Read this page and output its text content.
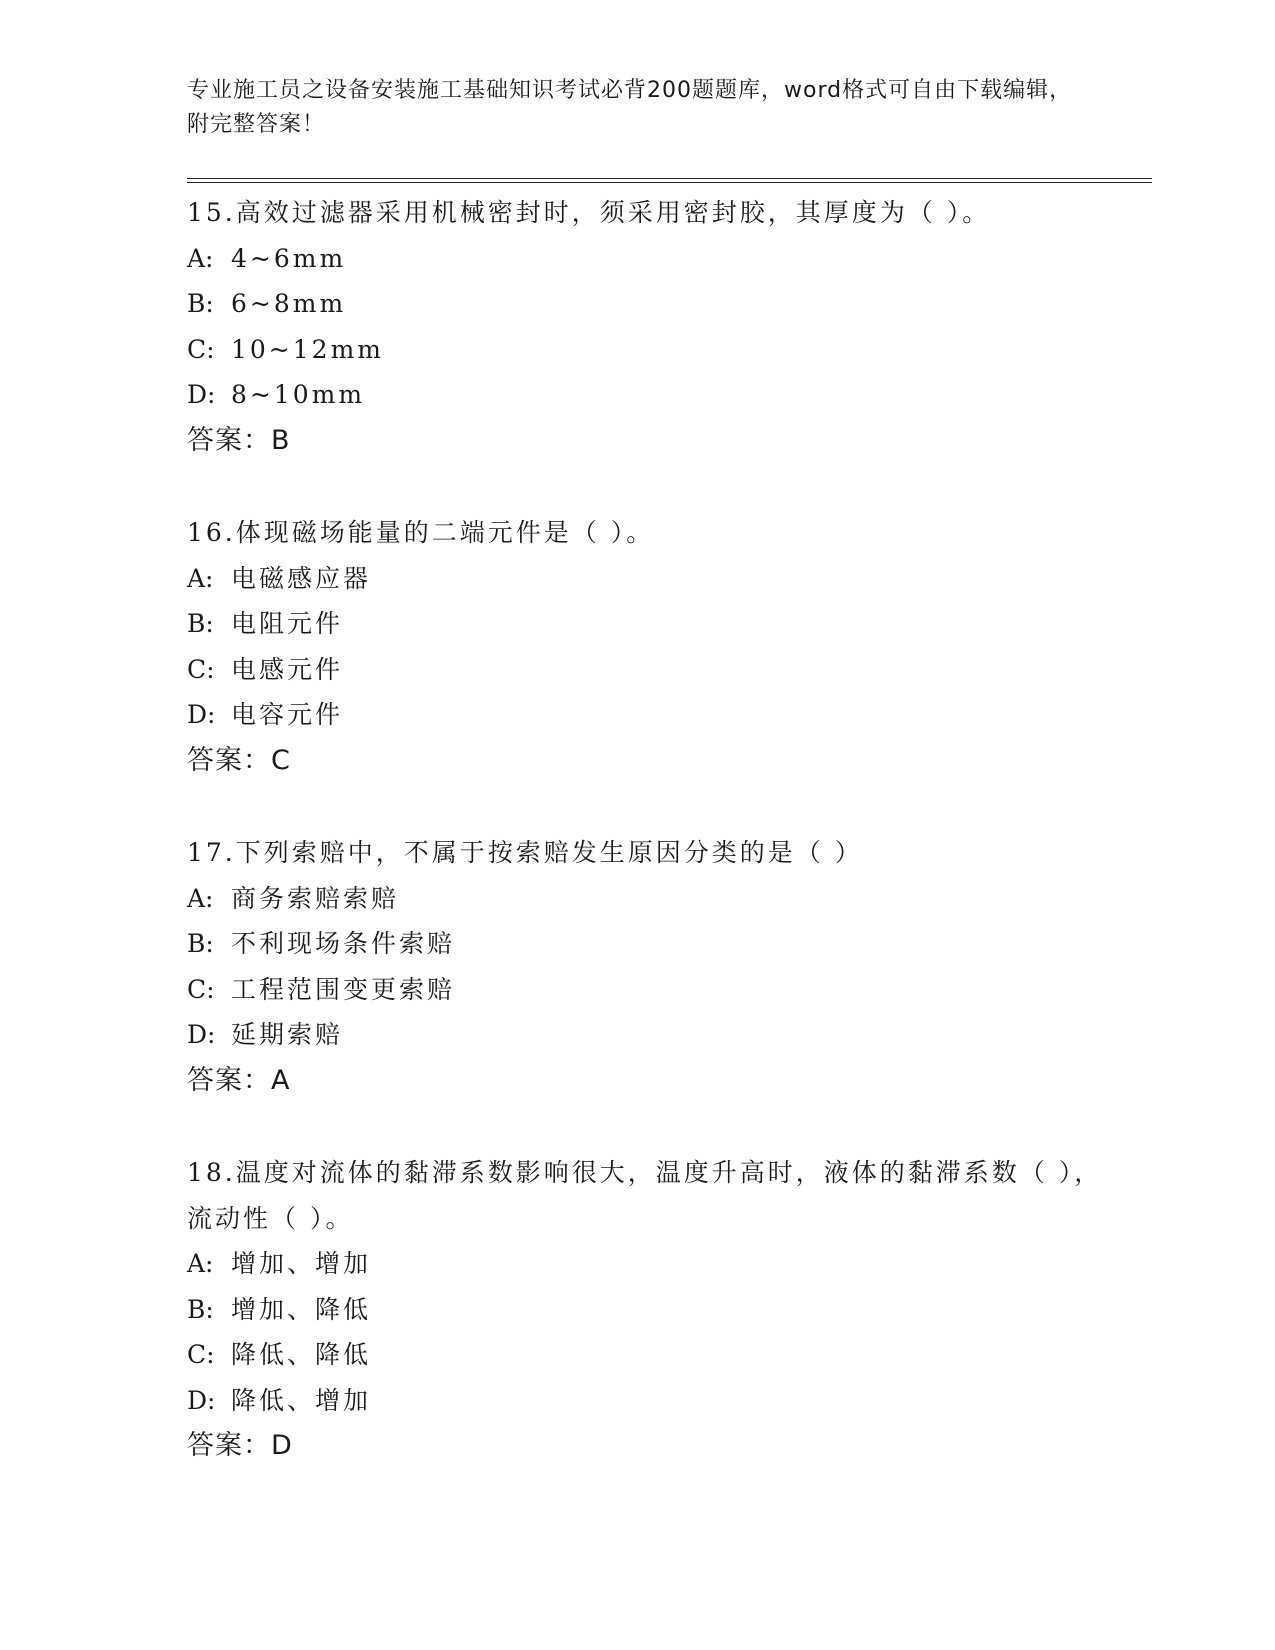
专业施工员之设备安装施工基础知识考试必背200题题库，word格式可自由下载编辑，附完整答案！
15.高效过滤器采用机械密封时，须采用密封胶，其厚度为（ ）。
A: 4~6mm
B: 6~8mm
C: 10~12mm
D: 8~10mm
答案：B
16.体现磁场能量的二端元件是（ ）。
A: 电磁感应器
B: 电阻元件
C: 电感元件
D: 电容元件
答案：C
17.下列索赔中，不属于按索赔发生原因分类的是（ ）
A: 商务索赔索赔
B: 不利现场条件索赔
C: 工程范围变更索赔
D: 延期索赔
答案：A
18.温度对流体的黏滞系数影响很大，温度升高时，液体的黏滞系数（ ），流动性（ ）。
A: 增加、增加
B: 增加、降低
C: 降低、降低
D: 降低、增加
答案：D
